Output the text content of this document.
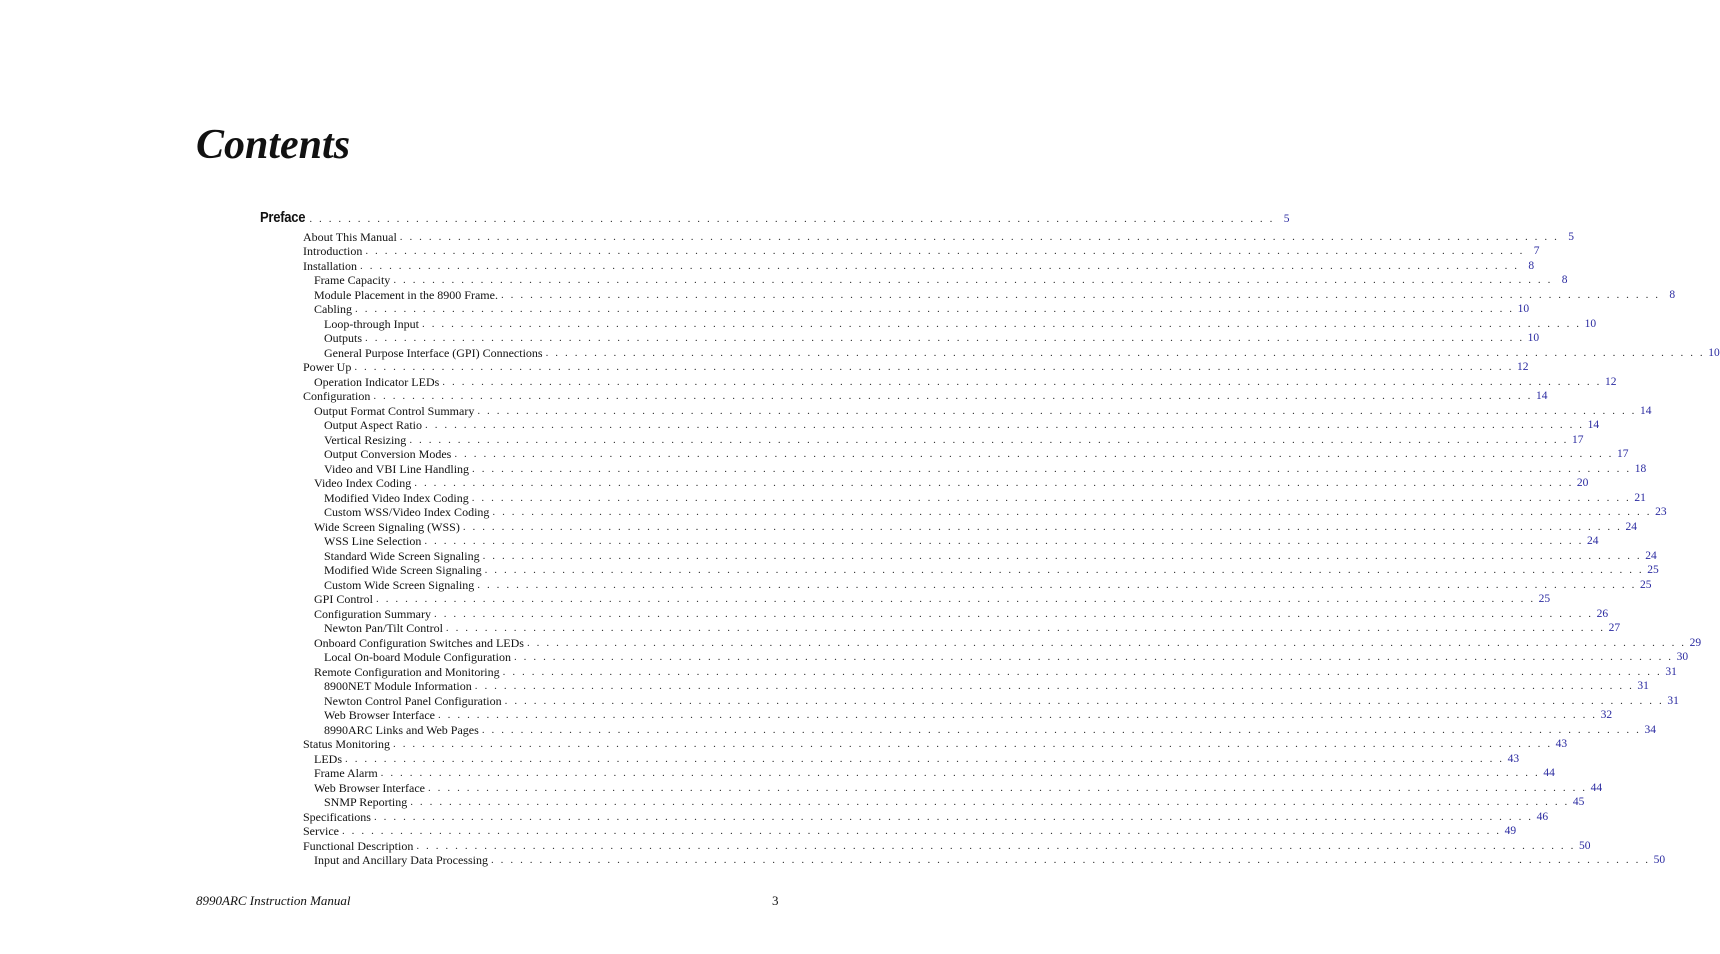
Contents
Preface . . . . . . . . . . . . . . . . . . . . . . . . . . . . . . . . . . . . . . . . . . . . . . . . . . . . . . . . . . . . . . . . . . . . . . . . . . . . . . . . . . . . . . . . . . . . . . . . . . . . 5
About This Manual . . . . . . . . . . . . . . . . . . . . . . . . . . . . . . . . . . . . . . . . . . . . . . . . . . . . . . . . . . . . . . . . . . . . . . . . . . . . . . . . . . . . . . . . . . . . . . . . . . . . . . . . . . . . . . . . . . . . . . . . 5
Introduction . . . . . . . . . . . . . . . . . . . . . . . . . . . . . . . . . . . . . . . . . . . . . . . . . . . . . . . . . . . . . . . . . . . . . . . . . . . . . . . . . . . . . . . . . . . . . . . . . . . . . . . . . . . . . . . . . . . . . . . . 7
Installation . . . . . . . . . . . . . . . . . . . . . . . . . . . . . . . . . . . . . . . . . . . . . . . . . . . . . . . . . . . . . . . . . . . . . . . . . . . . . . . . . . . . . . . . . . . . . . . . . . . . . . . . . . . . . . . . . . . . . . . . 8
Frame Capacity . . . . . . . . . . . . . . . . . . . . . . . . . . . . . . . . . . . . . . . . . . . . . . . . . . . . . . . . . . . . . . . . . . . . . . . . . . . . . . . . . . . . . . . . . . . . . . . . . . . . . . . . . . . . . . . . . . . . . . . . 8
Module Placement in the 8900 Frame. . . . . . . . . . . . . . . . . . . . . . . . . . . . . . . . . . . . . . . . . . . . . . . . . . . . . . . . . . . . . . . . . . . . . . . . . . . . . . . . . . . . . . . . . . . . . . . . . . . . . . . . . . . . . . . . . . . . . . . . . 8
Cabling . . . . . . . . . . . . . . . . . . . . . . . . . . . . . . . . . . . . . . . . . . . . . . . . . . . . . . . . . . . . . . . . . . . . . . . . . . . . . . . . . . . . . . . . . . . . . . . . . . . . . . . . . . . . . . . . . . . . . . . . 10
Loop-through Input . . . . . . . . . . . . . . . . . . . . . . . . . . . . . . . . . . . . . . . . . . . . . . . . . . . . . . . . . . . . . . . . . . . . . . . . . . . . . . . . . . . . . . . . . . . . . . . . . . . . . . . . . . . . . . . . . . . . . . . . 10
Outputs . . . . . . . . . . . . . . . . . . . . . . . . . . . . . . . . . . . . . . . . . . . . . . . . . . . . . . . . . . . . . . . . . . . . . . . . . . . . . . . . . . . . . . . . . . . . . . . . . . . . . . . . . . . . . . . . . . . . . . . . 10
General Purpose Interface (GPI) Connections . . . . . . . . . . . . . . . . . . . . . . . . . . . . . . . . . . . . . . . . . . . . . . . . . . . . . . . . . . . . . . . . . . . . . . . . . . . . . . . . . . . . . . . . . . . . . . . . . . . . . . . . . . . . . . . . . . . . . . . . 10
Power Up . . . . . . . . . . . . . . . . . . . . . . . . . . . . . . . . . . . . . . . . . . . . . . . . . . . . . . . . . . . . . . . . . . . . . . . . . . . . . . . . . . . . . . . . . . . . . . . . . . . . . . . . . . . . . . . . . . . . . . . . 12
Operation Indicator LEDs . . . . . . . . . . . . . . . . . . . . . . . . . . . . . . . . . . . . . . . . . . . . . . . . . . . . . . . . . . . . . . . . . . . . . . . . . . . . . . . . . . . . . . . . . . . . . . . . . . . . . . . . . . . . . . . . . . . . . . . . 12
Configuration . . . . . . . . . . . . . . . . . . . . . . . . . . . . . . . . . . . . . . . . . . . . . . . . . . . . . . . . . . . . . . . . . . . . . . . . . . . . . . . . . . . . . . . . . . . . . . . . . . . . . . . . . . . . . . . . . . . . . . . . 14
Output Format Control Summary . . . . . . . . . . . . . . . . . . . . . . . . . . . . . . . . . . . . . . . . . . . . . . . . . . . . . . . . . . . . . . . . . . . . . . . . . . . . . . . . . . . . . . . . . . . . . . . . . . . . . . . . . . . . . . . . . . . . . . . . 14
Output Aspect Ratio . . . . . . . . . . . . . . . . . . . . . . . . . . . . . . . . . . . . . . . . . . . . . . . . . . . . . . . . . . . . . . . . . . . . . . . . . . . . . . . . . . . . . . . . . . . . . . . . . . . . . . . . . . . . . . . . . . . . . . . . 14
Vertical Resizing . . . . . . . . . . . . . . . . . . . . . . . . . . . . . . . . . . . . . . . . . . . . . . . . . . . . . . . . . . . . . . . . . . . . . . . . . . . . . . . . . . . . . . . . . . . . . . . . . . . . . . . . . . . . . . . . . . . . . . . . 17
Output Conversion Modes . . . . . . . . . . . . . . . . . . . . . . . . . . . . . . . . . . . . . . . . . . . . . . . . . . . . . . . . . . . . . . . . . . . . . . . . . . . . . . . . . . . . . . . . . . . . . . . . . . . . . . . . . . . . . . . . . . . . . . . . 17
Video and VBI Line Handling . . . . . . . . . . . . . . . . . . . . . . . . . . . . . . . . . . . . . . . . . . . . . . . . . . . . . . . . . . . . . . . . . . . . . . . . . . . . . . . . . . . . . . . . . . . . . . . . . . . . . . . . . . . . . . . . . . . . . . . . 18
Video Index Coding . . . . . . . . . . . . . . . . . . . . . . . . . . . . . . . . . . . . . . . . . . . . . . . . . . . . . . . . . . . . . . . . . . . . . . . . . . . . . . . . . . . . . . . . . . . . . . . . . . . . . . . . . . . . . . . . . . . . . . . . 20
Modified Video Index Coding . . . . . . . . . . . . . . . . . . . . . . . . . . . . . . . . . . . . . . . . . . . . . . . . . . . . . . . . . . . . . . . . . . . . . . . . . . . . . . . . . . . . . . . . . . . . . . . . . . . . . . . . . . . . . . . . . . . . . . . . 21
Custom WSS/Video Index Coding . . . . . . . . . . . . . . . . . . . . . . . . . . . . . . . . . . . . . . . . . . . . . . . . . . . . . . . . . . . . . . . . . . . . . . . . . . . . . . . . . . . . . . . . . . . . . . . . . . . . . . . . . . . . . . . . . . . . . . . . 23
Wide Screen Signaling (WSS) . . . . . . . . . . . . . . . . . . . . . . . . . . . . . . . . . . . . . . . . . . . . . . . . . . . . . . . . . . . . . . . . . . . . . . . . . . . . . . . . . . . . . . . . . . . . . . . . . . . . . . . . . . . . . . . . . . . . . . . . 24
WSS Line Selection . . . . . . . . . . . . . . . . . . . . . . . . . . . . . . . . . . . . . . . . . . . . . . . . . . . . . . . . . . . . . . . . . . . . . . . . . . . . . . . . . . . . . . . . . . . . . . . . . . . . . . . . . . . . . . . . . . . . . . . . 24
Standard Wide Screen Signaling . . . . . . . . . . . . . . . . . . . . . . . . . . . . . . . . . . . . . . . . . . . . . . . . . . . . . . . . . . . . . . . . . . . . . . . . . . . . . . . . . . . . . . . . . . . . . . . . . . . . . . . . . . . . . . . . . . . . . . . . 24
Modified Wide Screen Signaling . . . . . . . . . . . . . . . . . . . . . . . . . . . . . . . . . . . . . . . . . . . . . . . . . . . . . . . . . . . . . . . . . . . . . . . . . . . . . . . . . . . . . . . . . . . . . . . . . . . . . . . . . . . . . . . . . . . . . . . . 25
Custom Wide Screen Signaling . . . . . . . . . . . . . . . . . . . . . . . . . . . . . . . . . . . . . . . . . . . . . . . . . . . . . . . . . . . . . . . . . . . . . . . . . . . . . . . . . . . . . . . . . . . . . . . . . . . . . . . . . . . . . . . . . . . . . . . . 25
GPI Control . . . . . . . . . . . . . . . . . . . . . . . . . . . . . . . . . . . . . . . . . . . . . . . . . . . . . . . . . . . . . . . . . . . . . . . . . . . . . . . . . . . . . . . . . . . . . . . . . . . . . . . . . . . . . . . . . . . . . . . . 25
Configuration Summary . . . . . . . . . . . . . . . . . . . . . . . . . . . . . . . . . . . . . . . . . . . . . . . . . . . . . . . . . . . . . . . . . . . . . . . . . . . . . . . . . . . . . . . . . . . . . . . . . . . . . . . . . . . . . . . . . . . . . . . . 26
Newton Pan/Tilt Control . . . . . . . . . . . . . . . . . . . . . . . . . . . . . . . . . . . . . . . . . . . . . . . . . . . . . . . . . . . . . . . . . . . . . . . . . . . . . . . . . . . . . . . . . . . . . . . . . . . . . . . . . . . . . . . . . . . . . . . . 27
Onboard Configuration Switches and LEDs . . . . . . . . . . . . . . . . . . . . . . . . . . . . . . . . . . . . . . . . . . . . . . . . . . . . . . . . . . . . . . . . . . . . . . . . . . . . . . . . . . . . . . . . . . . . . . . . . . . . . . . . . . . . . . . . . . . . . . . . 29
Local On-board Module Configuration . . . . . . . . . . . . . . . . . . . . . . . . . . . . . . . . . . . . . . . . . . . . . . . . . . . . . . . . . . . . . . . . . . . . . . . . . . . . . . . . . . . . . . . . . . . . . . . . . . . . . . . . . . . . . . . . . . . . . . . . 30
Remote Configuration and Monitoring . . . . . . . . . . . . . . . . . . . . . . . . . . . . . . . . . . . . . . . . . . . . . . . . . . . . . . . . . . . . . . . . . . . . . . . . . . . . . . . . . . . . . . . . . . . . . . . . . . . . . . . . . . . . . . . . . . . . . . . . 31
8900NET Module Information . . . . . . . . . . . . . . . . . . . . . . . . . . . . . . . . . . . . . . . . . . . . . . . . . . . . . . . . . . . . . . . . . . . . . . . . . . . . . . . . . . . . . . . . . . . . . . . . . . . . . . . . . . . . . . . . . . . . . . . . 31
Newton Control Panel Configuration . . . . . . . . . . . . . . . . . . . . . . . . . . . . . . . . . . . . . . . . . . . . . . . . . . . . . . . . . . . . . . . . . . . . . . . . . . . . . . . . . . . . . . . . . . . . . . . . . . . . . . . . . . . . . . . . . . . . . . . . 31
Web Browser Interface . . . . . . . . . . . . . . . . . . . . . . . . . . . . . . . . . . . . . . . . . . . . . . . . . . . . . . . . . . . . . . . . . . . . . . . . . . . . . . . . . . . . . . . . . . . . . . . . . . . . . . . . . . . . . . . . . . . . . . . . 32
8990ARC Links and Web Pages . . . . . . . . . . . . . . . . . . . . . . . . . . . . . . . . . . . . . . . . . . . . . . . . . . . . . . . . . . . . . . . . . . . . . . . . . . . . . . . . . . . . . . . . . . . . . . . . . . . . . . . . . . . . . . . . . . . . . . . . 34
Status Monitoring . . . . . . . . . . . . . . . . . . . . . . . . . . . . . . . . . . . . . . . . . . . . . . . . . . . . . . . . . . . . . . . . . . . . . . . . . . . . . . . . . . . . . . . . . . . . . . . . . . . . . . . . . . . . . . . . . . . . . . . . 43
LEDs . . . . . . . . . . . . . . . . . . . . . . . . . . . . . . . . . . . . . . . . . . . . . . . . . . . . . . . . . . . . . . . . . . . . . . . . . . . . . . . . . . . . . . . . . . . . . . . . . . . . . . . . . . . . . . . . . . . . . . . . 43
Frame Alarm . . . . . . . . . . . . . . . . . . . . . . . . . . . . . . . . . . . . . . . . . . . . . . . . . . . . . . . . . . . . . . . . . . . . . . . . . . . . . . . . . . . . . . . . . . . . . . . . . . . . . . . . . . . . . . . . . . . . . . . . 44
Web Browser Interface . . . . . . . . . . . . . . . . . . . . . . . . . . . . . . . . . . . . . . . . . . . . . . . . . . . . . . . . . . . . . . . . . . . . . . . . . . . . . . . . . . . . . . . . . . . . . . . . . . . . . . . . . . . . . . . . . . . . . . . . 44
SNMP Reporting . . . . . . . . . . . . . . . . . . . . . . . . . . . . . . . . . . . . . . . . . . . . . . . . . . . . . . . . . . . . . . . . . . . . . . . . . . . . . . . . . . . . . . . . . . . . . . . . . . . . . . . . . . . . . . . . . . . . . . . . 45
Specifications . . . . . . . . . . . . . . . . . . . . . . . . . . . . . . . . . . . . . . . . . . . . . . . . . . . . . . . . . . . . . . . . . . . . . . . . . . . . . . . . . . . . . . . . . . . . . . . . . . . . . . . . . . . . . . . . . . . . . . . . 46
Service . . . . . . . . . . . . . . . . . . . . . . . . . . . . . . . . . . . . . . . . . . . . . . . . . . . . . . . . . . . . . . . . . . . . . . . . . . . . . . . . . . . . . . . . . . . . . . . . . . . . . . . . . . . . . . . . . . . . . . . . 49
Functional Description . . . . . . . . . . . . . . . . . . . . . . . . . . . . . . . . . . . . . . . . . . . . . . . . . . . . . . . . . . . . . . . . . . . . . . . . . . . . . . . . . . . . . . . . . . . . . . . . . . . . . . . . . . . . . . . . . . . . . . . . 50
Input and Ancillary Data Processing . . . . . . . . . . . . . . . . . . . . . . . . . . . . . . . . . . . . . . . . . . . . . . . . . . . . . . . . . . . . . . . . . . . . . . . . . . . . . . . . . . . . . . . . . . . . . . . . . . . . . . . . . . . . . . . . . . . . . . . . 50
8990ARC Instruction Manual	3
